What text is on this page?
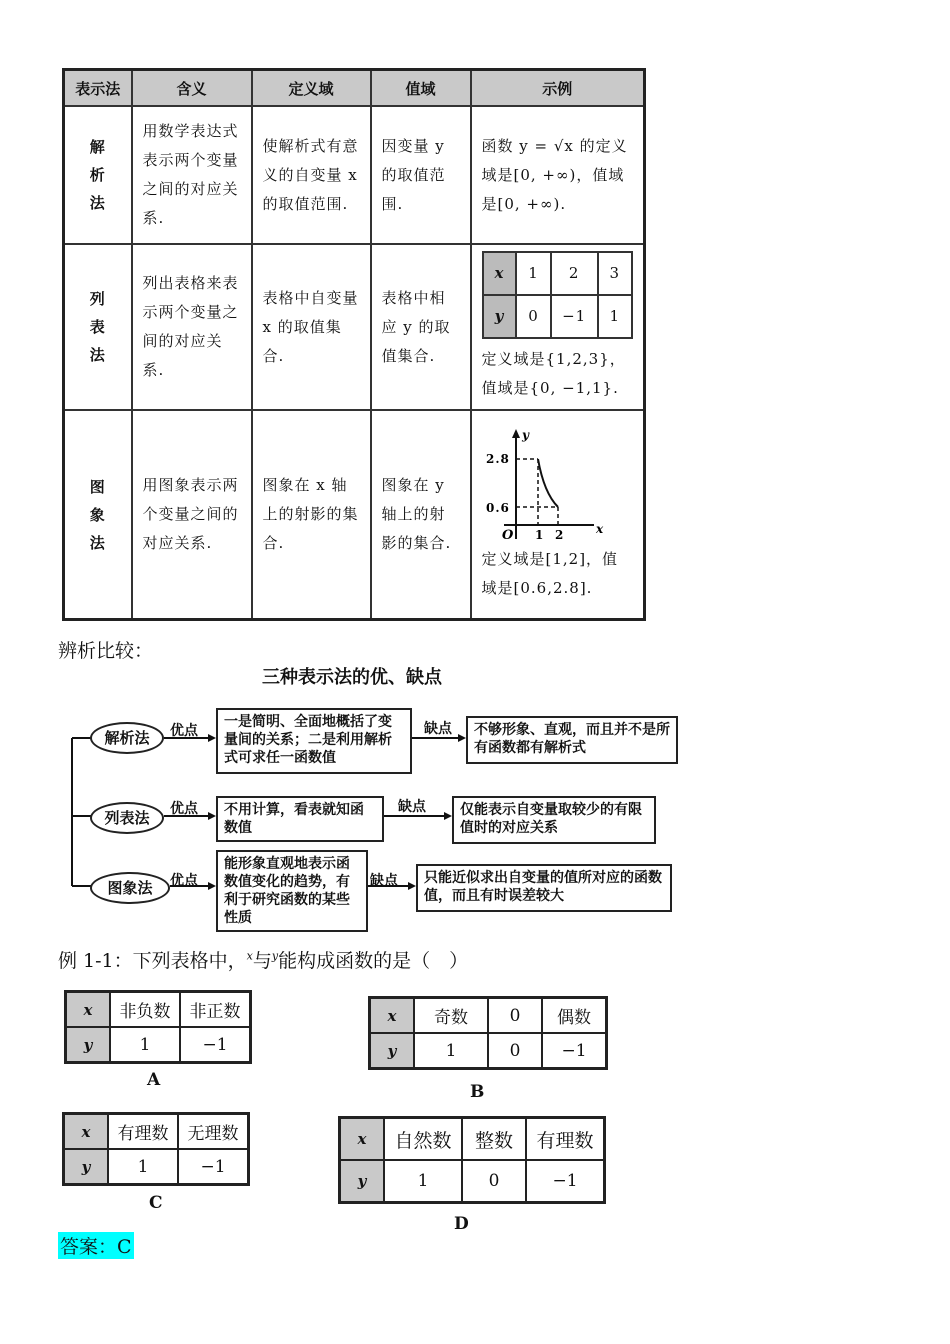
表示法	含义	定义域	值域	示例

解
析
法
	用数学表达式表示两个变量之间的对应关系.	使解析式有意义的自变量 x 的取值范围.	因变量 y 的取值范围.	函数 y = √x 的定义域是[0, +∞)，值域是[0, +∞).

列
表
法
	列出表格来表示两个变量之间的对应关系.	表格中自变量 x 的取值集合.	表格中相应 y 的取值集合.	
x	1	2	3
y	0	−1	1
定义域是{1,2,3}，值域是{0, −1,1}.

图
象
法
	用图象表示两个变量之间的对应关系.	图象在 x 轴上的射影的集合.	图象在 y 轴上的射影的集合.	
y
x
O
2.8
0.6
1 2
定义域是[1,2]，值域是[0.6,2.8].
辨析比较：
三种表示法的优、缺点
解析法
列表法
图象法
优点
优点
优点
缺点
缺点
缺点
一是简明、全面地概括了变量间的关系；二是利用解析式可求任一函数值
不用计算，看表就知函数值
能形象直观地表示函数值变化的趋势，有利于研究函数的某些性质
不够形象、直观，而且并不是所有函数都有解析式
仅能表示自变量取较少的有限值时的对应关系
只能近似求出自变量的值所对应的函数值，而且有时误差较大
例 1-1：下列表格中，$^x$与$^y$能构成函数的是（　）
x	非负数	非正数
y	1	−1
A
x	奇数	0	偶数
y	1	0	−1
B
x	有理数	无理数
y	1	−1
C
x	自然数	整数	有理数
y	1	0	−1
D
答案：C
